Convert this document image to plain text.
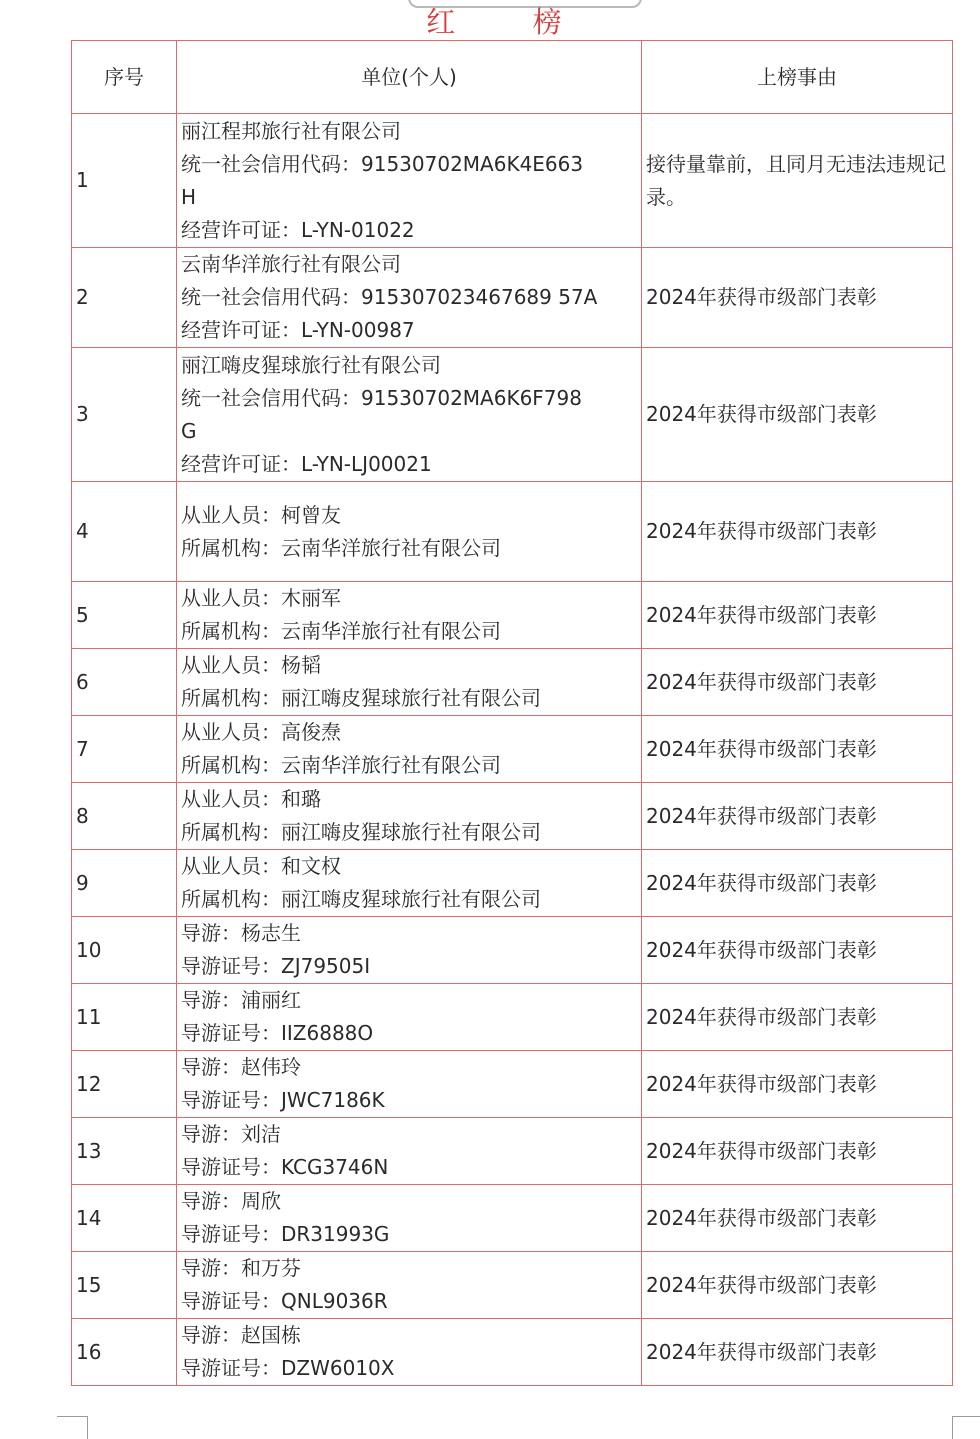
红 榜
序号	单位(个人)	上榜事由
1	丽江程邦旅行社有限公司
统一社会信用代码：91530702MA6K4E663
H
经营许可证：L-YN-01022	接待量靠前，且同月无违法违规记录。
2	云南华洋旅行社有限公司
统一社会信用代码：915307023467689 57A
经营许可证：L-YN-00987	2024年获得市级部门表彰
3	丽江嗨皮猩球旅行社有限公司
统一社会信用代码：91530702MA6K6F798
G
经营许可证：L-YN-LJ00021	2024年获得市级部门表彰
4	从业人员：柯曾友
所属机构：云南华洋旅行社有限公司	2024年获得市级部门表彰
5	从业人员：木丽军
所属机构：云南华洋旅行社有限公司	2024年获得市级部门表彰
6	从业人员：杨韬
所属机构：丽江嗨皮猩球旅行社有限公司	2024年获得市级部门表彰
7	从业人员：高俊焘
所属机构：云南华洋旅行社有限公司	2024年获得市级部门表彰
8	从业人员：和璐
所属机构：丽江嗨皮猩球旅行社有限公司	2024年获得市级部门表彰
9	从业人员：和文权
所属机构：丽江嗨皮猩球旅行社有限公司	2024年获得市级部门表彰
10	导游：杨志生
导游证号：ZJ79505I	2024年获得市级部门表彰
11	导游：浦丽红
导游证号：IIZ6888O	2024年获得市级部门表彰
12	导游：赵伟玲
导游证号：JWC7186K	2024年获得市级部门表彰
13	导游：刘洁
导游证号：KCG3746N	2024年获得市级部门表彰
14	导游：周欣
导游证号：DR31993G	2024年获得市级部门表彰
15	导游：和万芬
导游证号：QNL9036R	2024年获得市级部门表彰
16	导游：赵国栋
导游证号：DZW6010X	2024年获得市级部门表彰
